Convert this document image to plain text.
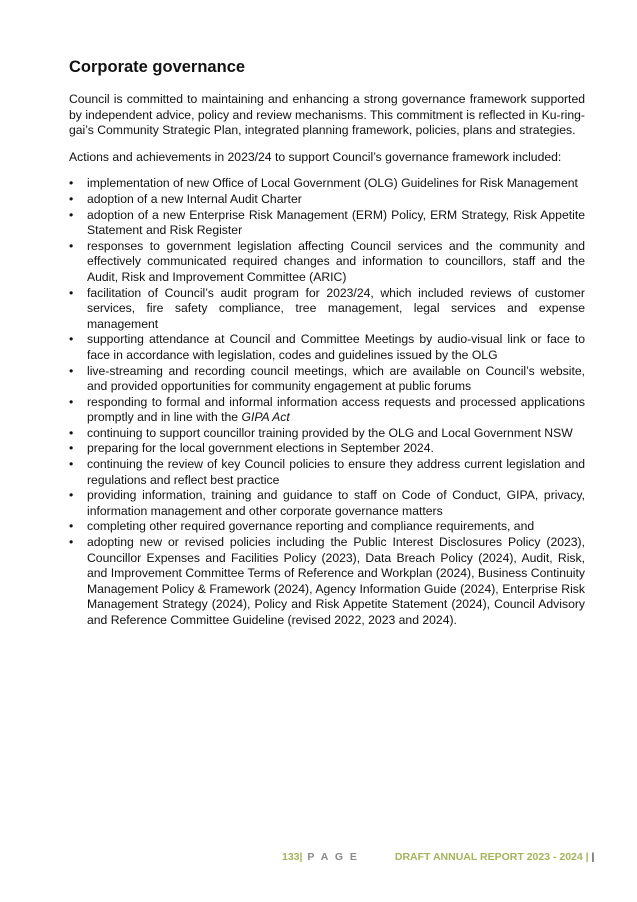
Corporate governance

Council is committed to maintaining and enhancing a strong governance framework supported by independent advice, policy and review mechanisms. This commitment is reflected in Ku-ring-gai’s Community Strategic Plan, integrated planning framework, policies, plans and strategies.

Actions and achievements in 2023/24 to support Council’s governance framework included:

• implementation of new Office of Local Government (OLG) Guidelines for Risk Management
• adoption of a new Internal Audit Charter
• adoption of a new Enterprise Risk Management (ERM) Policy, ERM Strategy, Risk Appetite Statement and Risk Register
• responses to government legislation affecting Council services and the community and effectively communicated required changes and information to councillors, staff and the Audit, Risk and Improvement Committee (ARIC)
• facilitation of Council’s audit program for 2023/24, which included reviews of customer services, fire safety compliance, tree management, legal services and expense management
• supporting attendance at Council and Committee Meetings by audio-visual link or face to face in accordance with legislation, codes and guidelines issued by the OLG
• live-streaming and recording council meetings, which are available on Council’s website, and provided opportunities for community engagement at public forums
• responding to formal and informal information access requests and processed applications promptly and in line with the GIPA Act
• continuing to support councillor training provided by the OLG and Local Government NSW
• preparing for the local government elections in September 2024.
• continuing the review of key Council policies to ensure they address current legislation and regulations and reflect best practice
• providing information, training and guidance to staff on Code of Conduct, GIPA, privacy, information management and other corporate governance matters
• completing other required governance reporting and compliance requirements, and
• adopting new or revised policies including the Public Interest Disclosures Policy (2023), Councillor Expenses and Facilities Policy (2023), Data Breach Policy (2024), Audit, Risk, and Improvement Committee Terms of Reference and Workplan (2024), Business Continuity Management Policy & Framework (2024), Agency Information Guide (2024), Enterprise Risk Management Strategy (2024), Policy and Risk Appetite Statement (2024), Council Advisory and Reference Committee Guideline (revised 2022, 2023 and 2024).
133| P A G E	DRAFT ANNUAL REPORT 2023 - 2024 | |
